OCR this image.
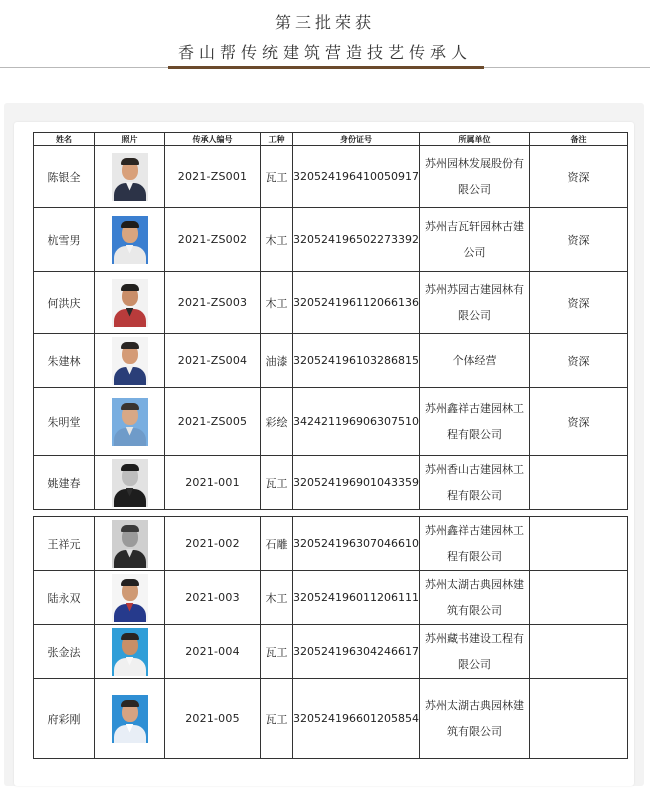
第三批荣获
香山帮传统建筑营造技艺传承人
姓名	照片	传承人编号	工种	身份证号	所属单位	备注
陈银全		2021-ZS001	瓦工	320524196410050917	苏州园林发展股份有限公司	资深
杭雪男		2021-ZS002	木工	320524196502273392	苏州吉瓦轩园林古建公司	资深
何洪庆		2021-ZS003	木工	320524196112066136	苏州苏园古建园林有限公司	资深
朱建林		2021-ZS004	油漆	320524196103286815	个体经营	资深
朱明堂		2021-ZS005	彩绘	342421196906307510	苏州鑫祥古建园林工程有限公司	资深
姚建春		2021-001	瓦工	320524196901043359	苏州香山古建园林工程有限公司	
王祥元		2021-002	石雕	320524196307046610	苏州鑫祥古建园林工程有限公司	
陆永双		2021-003	木工	320524196011206111	苏州太湖古典园林建筑有限公司	
张金法		2021-004	瓦工	320524196304246617	苏州藏书建设工程有限公司	
府彩刚		2021-005	瓦工	320524196601205854	苏州太湖古典园林建筑有限公司	
